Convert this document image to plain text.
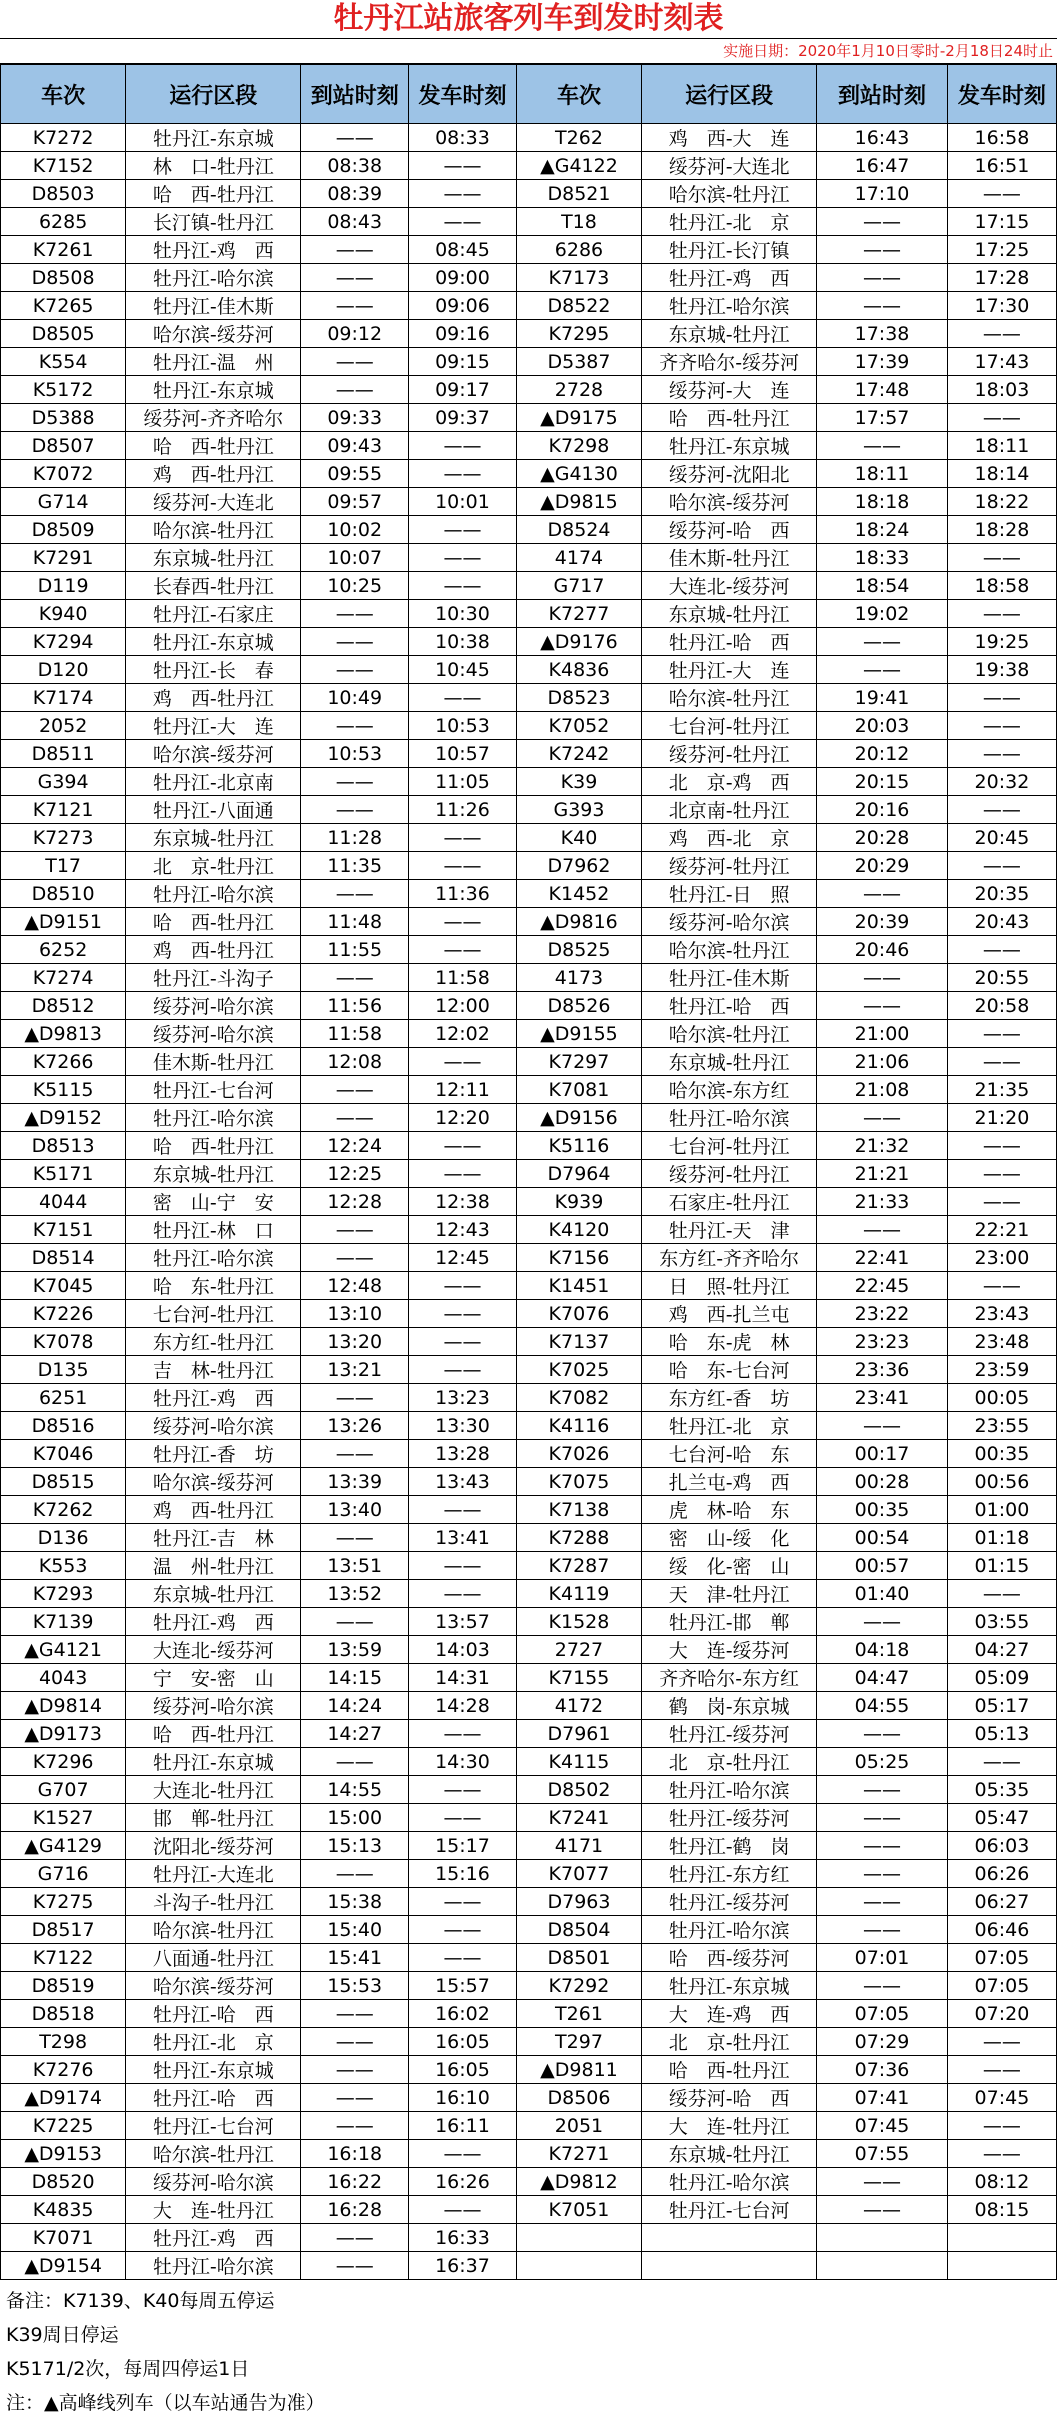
牡丹江站旅客列车到发时刻表
实施日期：2020年1月10日零时-2月18日24时止
车次	运行区段	到站时刻	发车时刻	车次	运行区段	到站时刻	发车时刻
K7272	牡丹江-东京城	——	08:33	T262	鸡　西-大　连	16:43	16:58
K7152	林　口-牡丹江	08:38	——	▲G4122	绥芬河-大连北	16:47	16:51
D8503	哈　西-牡丹江	08:39	——	D8521	哈尔滨-牡丹江	17:10	——
6285	长汀镇-牡丹江	08:43	——	T18	牡丹江-北　京	——	17:15
K7261	牡丹江-鸡　西	——	08:45	6286	牡丹江-长汀镇	——	17:25
D8508	牡丹江-哈尔滨	——	09:00	K7173	牡丹江-鸡　西	——	17:28
K7265	牡丹江-佳木斯	——	09:06	D8522	牡丹江-哈尔滨	——	17:30
D8505	哈尔滨-绥芬河	09:12	09:16	K7295	东京城-牡丹江	17:38	——
K554	牡丹江-温　州	——	09:15	D5387	齐齐哈尔-绥芬河	17:39	17:43
K5172	牡丹江-东京城	——	09:17	2728	绥芬河-大　连	17:48	18:03
D5388	绥芬河-齐齐哈尔	09:33	09:37	▲D9175	哈　西-牡丹江	17:57	——
D8507	哈　西-牡丹江	09:43	——	K7298	牡丹江-东京城	——	18:11
K7072	鸡　西-牡丹江	09:55	——	▲G4130	绥芬河-沈阳北	18:11	18:14
G714	绥芬河-大连北	09:57	10:01	▲D9815	哈尔滨-绥芬河	18:18	18:22
D8509	哈尔滨-牡丹江	10:02	——	D8524	绥芬河-哈　西	18:24	18:28
K7291	东京城-牡丹江	10:07	——	4174	佳木斯-牡丹江	18:33	——
D119	长春西-牡丹江	10:25	——	G717	大连北-绥芬河	18:54	18:58
K940	牡丹江-石家庄	——	10:30	K7277	东京城-牡丹江	19:02	——
K7294	牡丹江-东京城	——	10:38	▲D9176	牡丹江-哈　西	——	19:25
D120	牡丹江-长　春	——	10:45	K4836	牡丹江-大　连	——	19:38
K7174	鸡　西-牡丹江	10:49	——	D8523	哈尔滨-牡丹江	19:41	——
2052	牡丹江-大　连	——	10:53	K7052	七台河-牡丹江	20:03	——
D8511	哈尔滨-绥芬河	10:53	10:57	K7242	绥芬河-牡丹江	20:12	——
G394	牡丹江-北京南	——	11:05	K39	北　京-鸡　西	20:15	20:32
K7121	牡丹江-八面通	——	11:26	G393	北京南-牡丹江	20:16	——
K7273	东京城-牡丹江	11:28	——	K40	鸡　西-北　京	20:28	20:45
T17	北　京-牡丹江	11:35	——	D7962	绥芬河-牡丹江	20:29	——
D8510	牡丹江-哈尔滨	——	11:36	K1452	牡丹江-日　照	——	20:35
▲D9151	哈　西-牡丹江	11:48	——	▲D9816	绥芬河-哈尔滨	20:39	20:43
6252	鸡　西-牡丹江	11:55	——	D8525	哈尔滨-牡丹江	20:46	——
K7274	牡丹江-斗沟子	——	11:58	4173	牡丹江-佳木斯	——	20:55
D8512	绥芬河-哈尔滨	11:56	12:00	D8526	牡丹江-哈　西	——	20:58
▲D9813	绥芬河-哈尔滨	11:58	12:02	▲D9155	哈尔滨-牡丹江	21:00	——
K7266	佳木斯-牡丹江	12:08	——	K7297	东京城-牡丹江	21:06	——
K5115	牡丹江-七台河	——	12:11	K7081	哈尔滨-东方红	21:08	21:35
▲D9152	牡丹江-哈尔滨	——	12:20	▲D9156	牡丹江-哈尔滨	——	21:20
D8513	哈　西-牡丹江	12:24	——	K5116	七台河-牡丹江	21:32	——
K5171	东京城-牡丹江	12:25	——	D7964	绥芬河-牡丹江	21:21	——
4044	密　山-宁　安	12:28	12:38	K939	石家庄-牡丹江	21:33	——
K7151	牡丹江-林　口	——	12:43	K4120	牡丹江-天　津	——	22:21
D8514	牡丹江-哈尔滨	——	12:45	K7156	东方红-齐齐哈尔	22:41	23:00
K7045	哈　东-牡丹江	12:48	——	K1451	日　照-牡丹江	22:45	——
K7226	七台河-牡丹江	13:10	——	K7076	鸡　西-扎兰屯	23:22	23:43
K7078	东方红-牡丹江	13:20	——	K7137	哈　东-虎　林	23:23	23:48
D135	吉　林-牡丹江	13:21	——	K7025	哈　东-七台河	23:36	23:59
6251	牡丹江-鸡　西	——	13:23	K7082	东方红-香　坊	23:41	00:05
D8516	绥芬河-哈尔滨	13:26	13:30	K4116	牡丹江-北　京	——	23:55
K7046	牡丹江-香　坊	——	13:28	K7026	七台河-哈　东	00:17	00:35
D8515	哈尔滨-绥芬河	13:39	13:43	K7075	扎兰屯-鸡　西	00:28	00:56
K7262	鸡　西-牡丹江	13:40	——	K7138	虎　林-哈　东	00:35	01:00
D136	牡丹江-吉　林	——	13:41	K7288	密　山-绥　化	00:54	01:18
K553	温　州-牡丹江	13:51	——	K7287	绥　化-密　山	00:57	01:15
K7293	东京城-牡丹江	13:52	——	K4119	天　津-牡丹江	01:40	——
K7139	牡丹江-鸡　西	——	13:57	K1528	牡丹江-邯　郸	——	03:55
▲G4121	大连北-绥芬河	13:59	14:03	2727	大　连-绥芬河	04:18	04:27
4043	宁　安-密　山	14:15	14:31	K7155	齐齐哈尔-东方红	04:47	05:09
▲D9814	绥芬河-哈尔滨	14:24	14:28	4172	鹤　岗-东京城	04:55	05:17
▲D9173	哈　西-牡丹江	14:27	——	D7961	牡丹江-绥芬河	——	05:13
K7296	牡丹江-东京城	——	14:30	K4115	北　京-牡丹江	05:25	——
G707	大连北-牡丹江	14:55	——	D8502	牡丹江-哈尔滨	——	05:35
K1527	邯　郸-牡丹江	15:00	——	K7241	牡丹江-绥芬河	——	05:47
▲G4129	沈阳北-绥芬河	15:13	15:17	4171	牡丹江-鹤　岗	——	06:03
G716	牡丹江-大连北	——	15:16	K7077	牡丹江-东方红	——	06:26
K7275	斗沟子-牡丹江	15:38	——	D7963	牡丹江-绥芬河	——	06:27
D8517	哈尔滨-牡丹江	15:40	——	D8504	牡丹江-哈尔滨	——	06:46
K7122	八面通-牡丹江	15:41	——	D8501	哈　西-绥芬河	07:01	07:05
D8519	哈尔滨-绥芬河	15:53	15:57	K7292	牡丹江-东京城	——	07:05
D8518	牡丹江-哈　西	——	16:02	T261	大　连-鸡　西	07:05	07:20
T298	牡丹江-北　京	——	16:05	T297	北　京-牡丹江	07:29	——
K7276	牡丹江-东京城	——	16:05	▲D9811	哈　西-牡丹江	07:36	——
▲D9174	牡丹江-哈　西	——	16:10	D8506	绥芬河-哈　西	07:41	07:45
K7225	牡丹江-七台河	——	16:11	2051	大　连-牡丹江	07:45	——
▲D9153	哈尔滨-牡丹江	16:18	——	K7271	东京城-牡丹江	07:55	——
D8520	绥芬河-哈尔滨	16:22	16:26	▲D9812	牡丹江-哈尔滨	——	08:12
K4835	大　连-牡丹江	16:28	——	K7051	牡丹江-七台河	——	08:15
K7071	牡丹江-鸡　西	——	16:33				
▲D9154	牡丹江-哈尔滨	——	16:37				
备注：K7139、K40每周五停运
K39周日停运
K5171/2次，每周四停运1日
注：▲高峰线列车（以车站通告为准）
